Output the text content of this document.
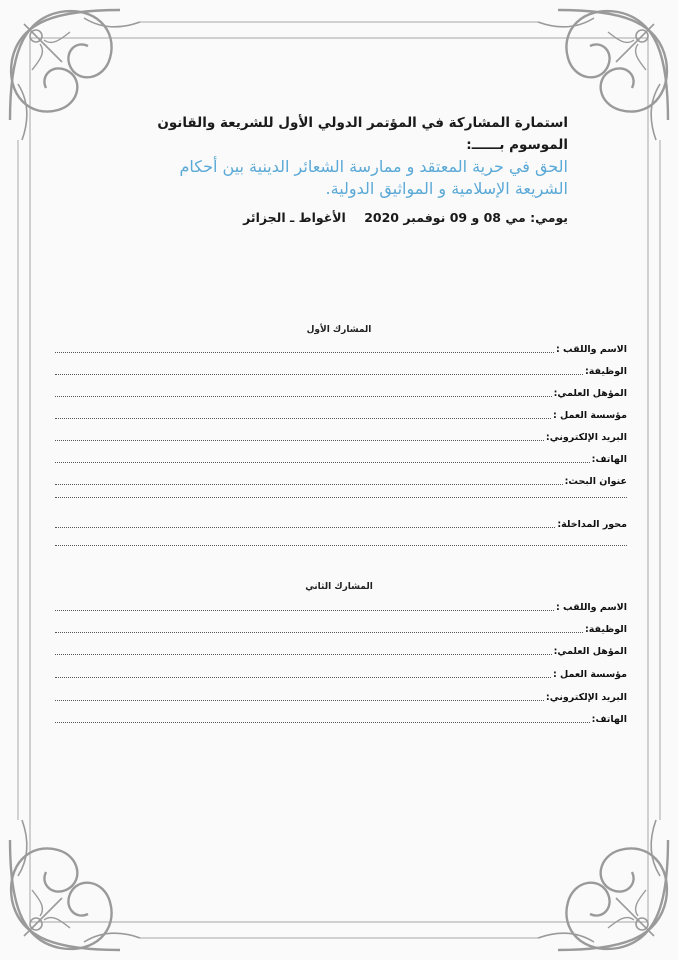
استمارة المشاركة في المؤتمر الدولي الأول للشريعة والقانون الموسوم بــــــ:

الحق في حرية المعتقد و ممارسة الشعائر الدينية بين أحكام

الشريعة الإسلامية و المواثيق الدولية.

يومي: مي 08 و 09 نوفمبر 2020 الأغواط ـ الجزائر
المشارك الأول
الاسم واللقب :
الوظيفة:
المؤهل العلمي:
مؤسسة العمل :
البريد الإلكتروني:
الهاتف:
عنوان البحث:
محور المداخلة:
المشارك الثاني
الاسم واللقب :
الوظيفة:
المؤهل العلمي:
مؤسسة العمل :
البريد الإلكتروني:
الهاتف:
